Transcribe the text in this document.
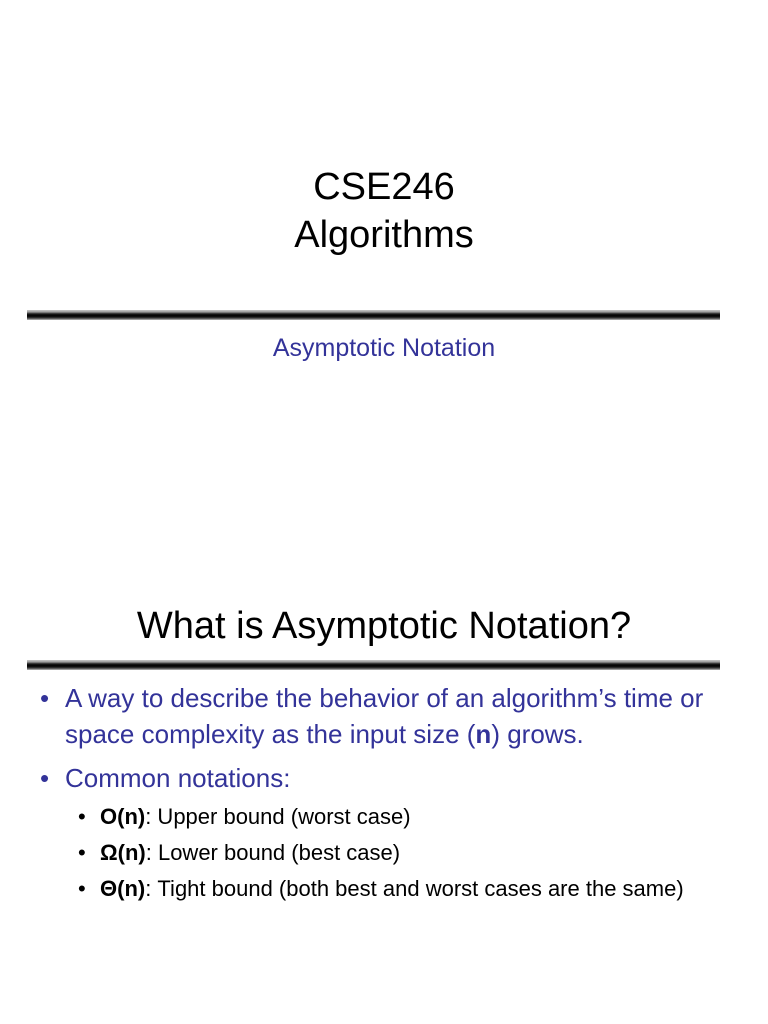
CSE246
Algorithms
Asymptotic Notation
What is Asymptotic Notation?
• A way to describe the behavior of an algorithm’s time or space complexity as the input size (n) grows.
• Common notations:
• O(n): Upper bound (worst case)
• Ω(n): Lower bound (best case)
• Θ(n): Tight bound (both best and worst cases are the same)
